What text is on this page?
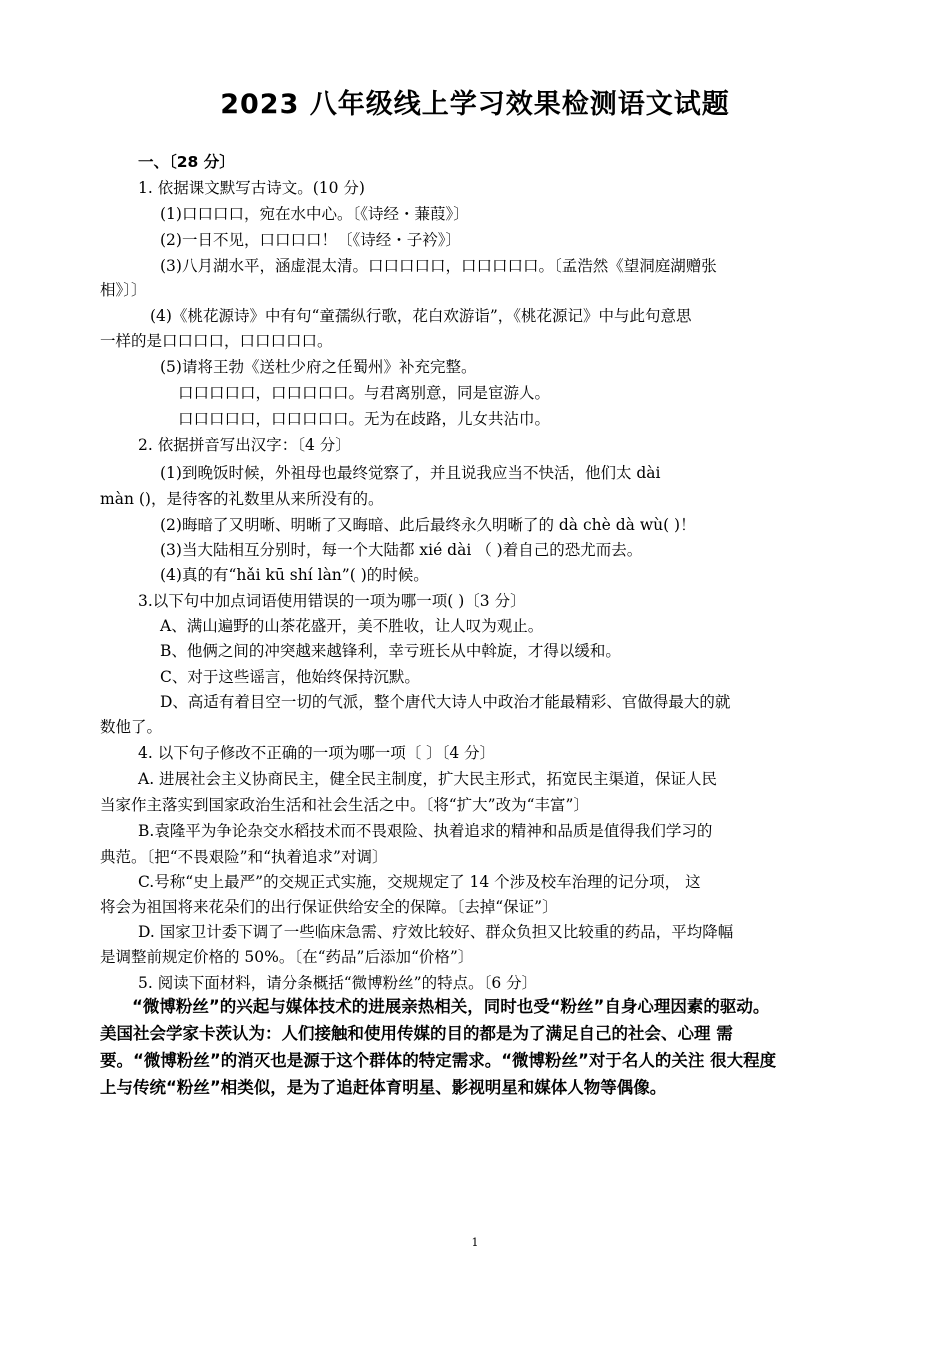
2023 八年级线上学习效果检测语文试题
一、〔28 分〕
1. 依据课文默写古诗文。(10 分)
(1)口口口口，宛在水中心。〔《诗经・蒹葭》〕
(2)一日不见，口口口口！〔《诗经・子衿》〕
(3)八月湖水平，涵虚混太清。口口口口口，口口口口口。〔孟浩然《望洞庭湖赠张
相》〕〕
(4)《桃花源诗》中有句“童孺纵行歌，花白欢游诣”，《桃花源记》中与此句意思
一样的是口口口口，口口口口口。
(5)请将王勃《送杜少府之任蜀州》补充完整。
口口口口口，口口口口口。与君离别意，同是宦游人。
口口口口口，口口口口口。无为在歧路，儿女共沾巾。
2. 依据拼音写出汉字：〔4 分〕
(1)到晚饭时候，外祖母也最终觉察了，并且说我应当不快活，他们太 dài
màn ()，是待客的礼数里从来所没有的。
(2)晦暗了又明晰、明晰了又晦暗、此后最终永久明晰了的 dà chè dà wù( )！
(3)当大陆相互分别时，每一个大陆都 xié dài （ )着自己的恐尤而去。
(4)真的有“hǎi kū shí làn”( )的时候。
3.以下句中加点词语使用错误的一项为哪一项( )〔3 分〕
A、满山遍野的山茶花盛开，美不胜收，让人叹为观止。
B、他俩之间的冲突越来越锋利，幸亏班长从中斡旋，才得以缓和。
C、对于这些谣言，他始终保持沉默。
D、高适有着目空一切的气派，整个唐代大诗人中政治才能最精彩、官做得最大的就
数他了。
4. 以下句子修改不正确的一项为哪一项〔 〕〔4 分〕
A. 进展社会主义协商民主，健全民主制度，扩大民主形式，拓宽民主渠道，保证人民
当家作主落实到国家政治生活和社会生活之中。〔将“扩大”改为“丰富”〕
B.袁隆平为争论杂交水稻技术而不畏艰险、执着追求的精神和品质是值得我们学习的
典范。〔把“不畏艰险”和“执着追求”对调〕
C.号称“史上最严”的交规正式实施，交规规定了 14 个涉及校车治理的记分项， 这
将会为祖国将来花朵们的出行保证供给安全的保障。〔去掉“保证”〕
D. 国家卫计委下调了一些临床急需、疗效比较好、群众负担又比较重的药品，平均降幅
是调整前规定价格的 50%。〔在“药品”后添加“价格”〕
5. 阅读下面材料，请分条概括“微博粉丝”的特点。〔6 分〕
“微博粉丝”的兴起与媒体技术的进展亲热相关，同时也受“粉丝”自身心理因素的驱动。
美国社会学家卡茨认为：人们接触和使用传媒的目的都是为了满足自己的社会、心理 需
要。“微博粉丝”的消灭也是源于这个群体的特定需求。“微博粉丝”对于名人的关注 很大程度
上与传统“粉丝”相类似，是为了追赶体育明星、影视明星和媒体人物等偶像。
1
